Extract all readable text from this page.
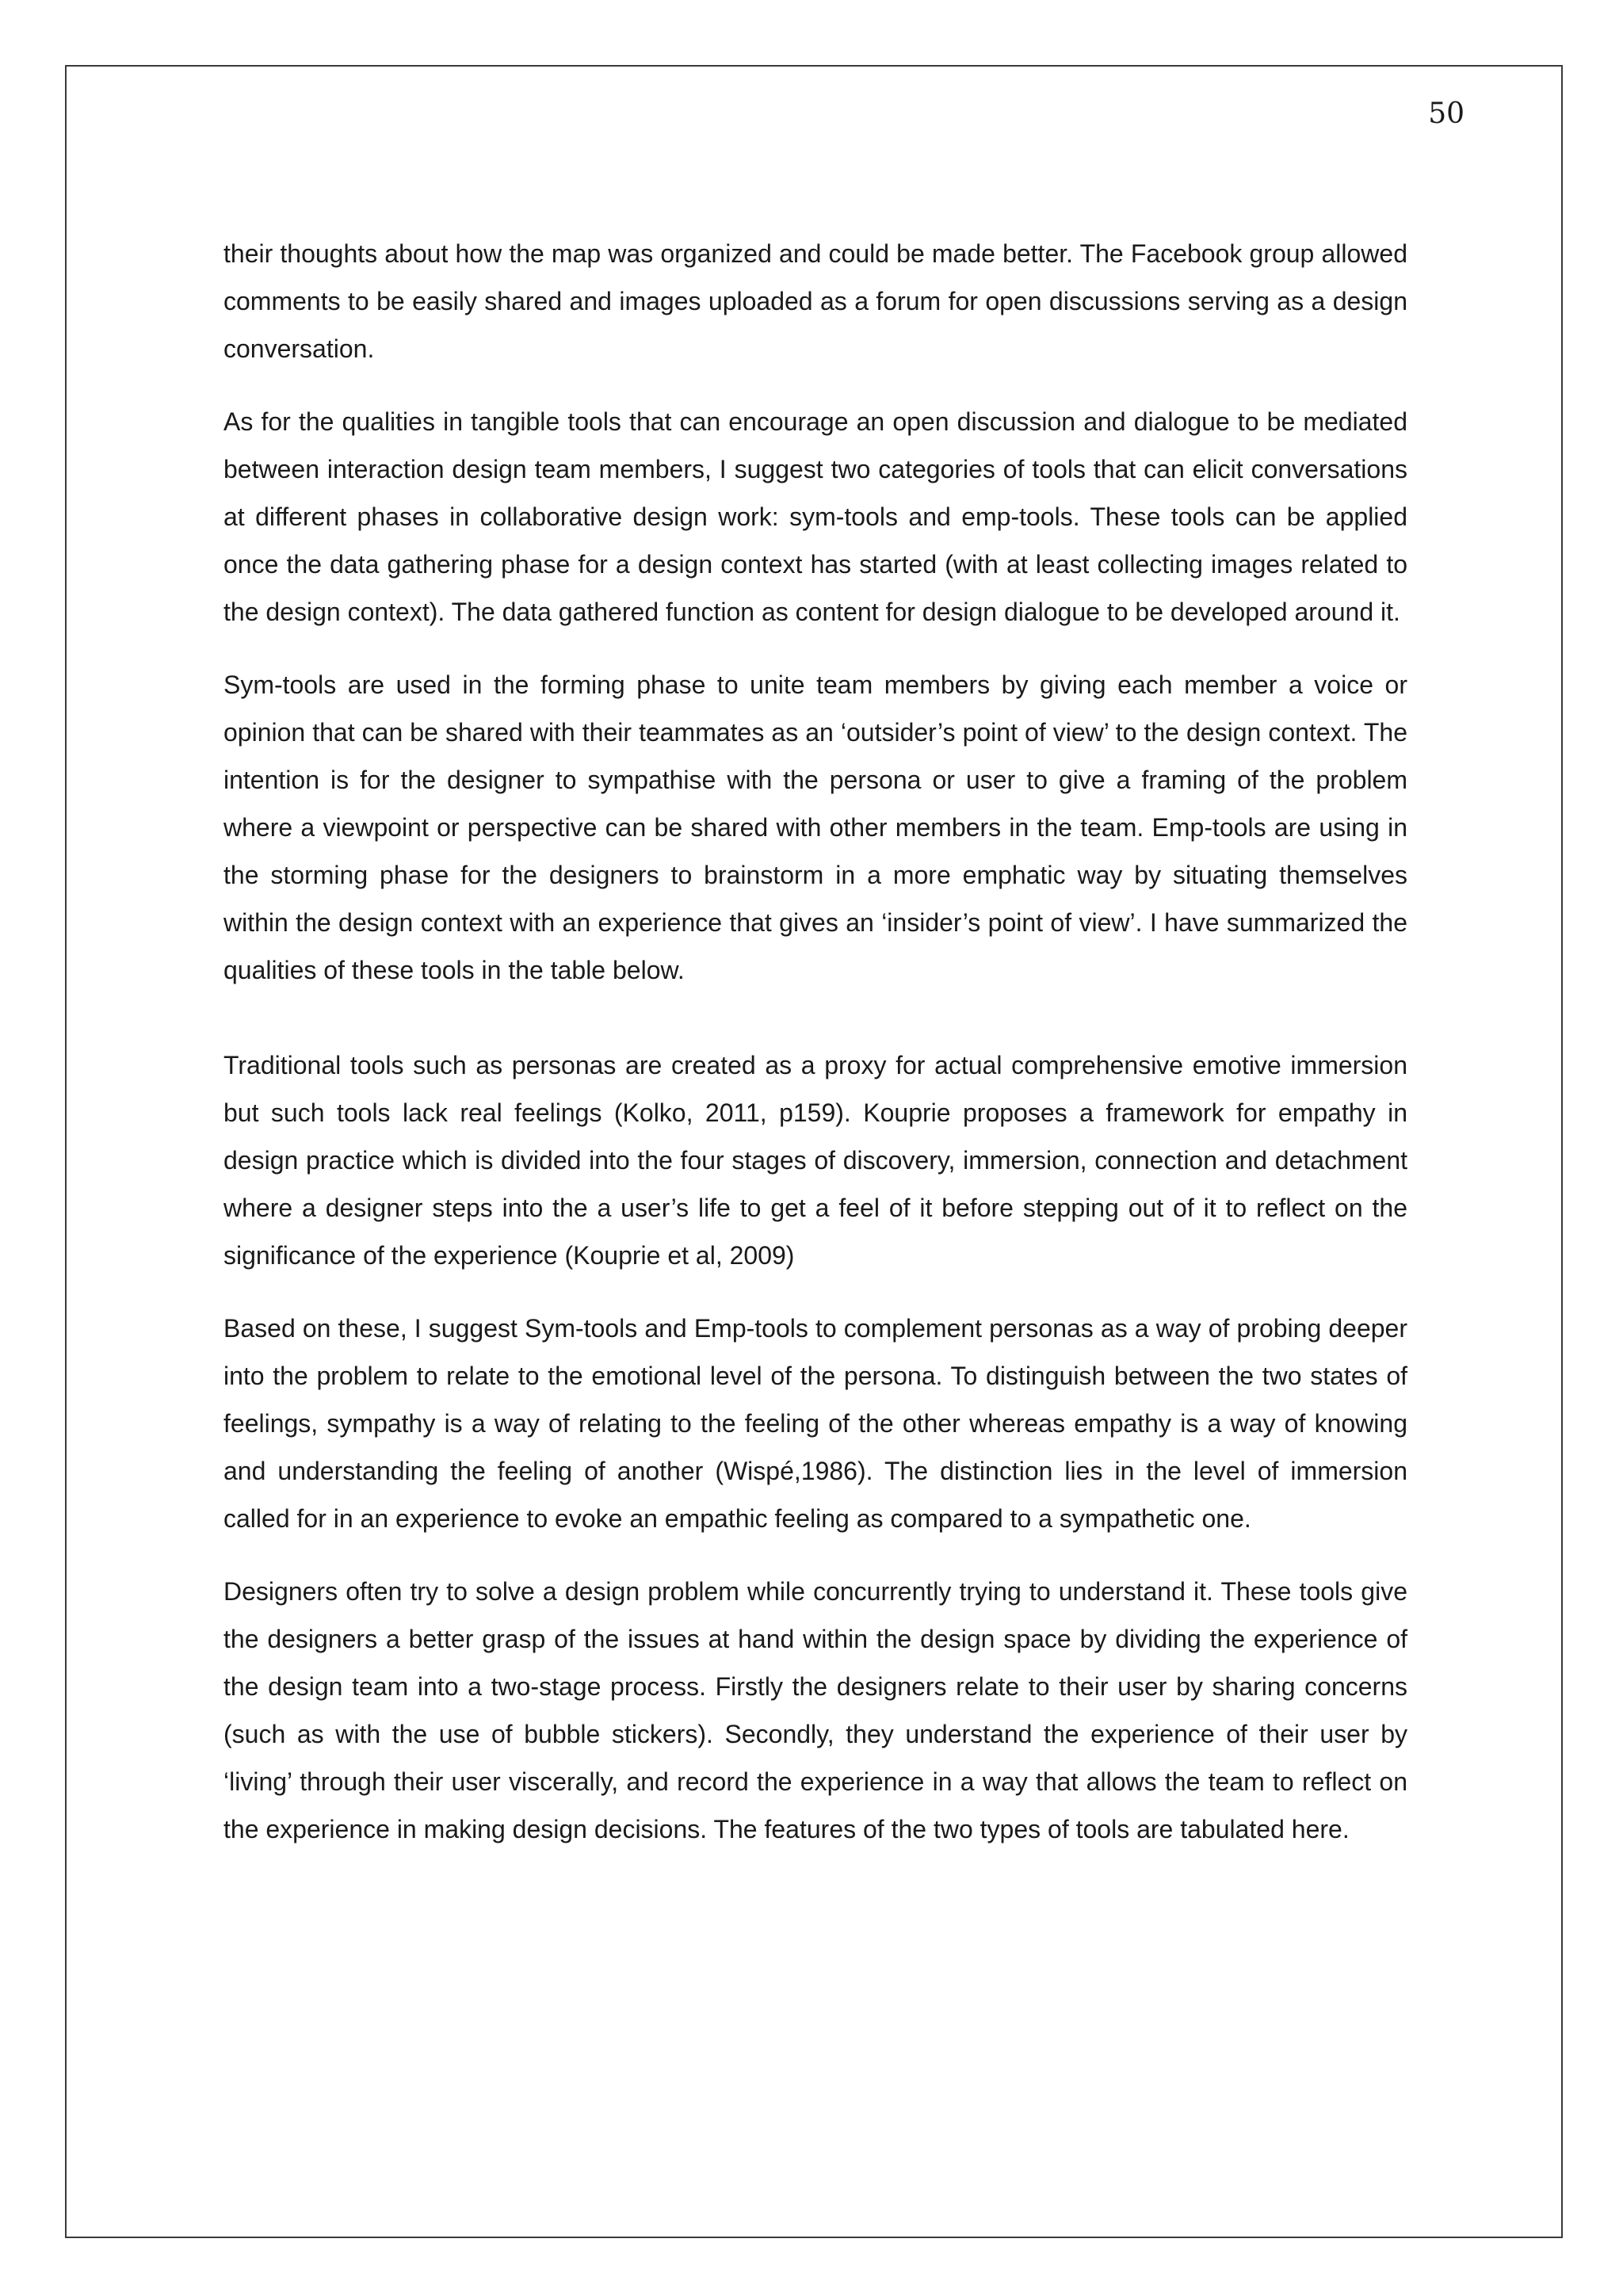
50

their thoughts about how the map was organized and could be made better. The Facebook group allowed comments to be easily shared and images uploaded as a forum for open discussions serving as a design conversation.

As for the qualities in tangible tools that can encourage an open discussion and dialogue to be mediated between interaction design team members, I suggest two categories of tools that can elicit conversations at different phases in collaborative design work: sym-tools and emp-tools. These tools can be applied once the data gathering phase for a design context has started (with at least collecting images related to the design context). The data gathered function as content for design dialogue to be developed around it.

Sym-tools are used in the forming phase to unite team members by giving each member a voice or opinion that can be shared with their teammates as an ‘outsider’s point of view’ to the design context. The intention is for the designer to sympathise with the persona or user to give a framing of the problem where a viewpoint or perspective can be shared with other members in the team. Emp-tools are using in the storming phase for the designers to brainstorm in a more emphatic way by situating themselves within the design context with an experience that gives an ‘insider’s point of view’. I have summarized the qualities of these tools in the table below.

Traditional tools such as personas are created as a proxy for actual comprehensive emotive immersion but such tools lack real feelings (Kolko, 2011, p159). Kouprie proposes a framework for empathy in design practice which is divided into the four stages of discovery, immersion, connection and detachment where a designer steps into the a user’s life to get a feel of it before stepping out of it to reflect on the significance of the experience (Kouprie et al, 2009)

Based on these, I suggest Sym-tools and Emp-tools to complement personas as a way of probing deeper into the problem to relate to the emotional level of the persona. To distinguish between the two states of feelings, sympathy is a way of relating to the feeling of the other whereas empathy is a way of knowing and understanding the feeling of another (Wispé,1986). The distinction lies in the level of immersion called for in an experience to evoke an empathic feeling as compared to a sympathetic one.

Designers often try to solve a design problem while concurrently trying to understand it. These tools give the designers a better grasp of the issues at hand within the design space by dividing the experience of the design team into a two-stage process. Firstly the designers relate to their user by sharing concerns (such as with the use of bubble stickers). Secondly, they understand the experience of their user by ‘living’ through their user viscerally, and record the experience in a way that allows the team to reflect on the experience in making design decisions. The features of the two types of tools are tabulated here.
